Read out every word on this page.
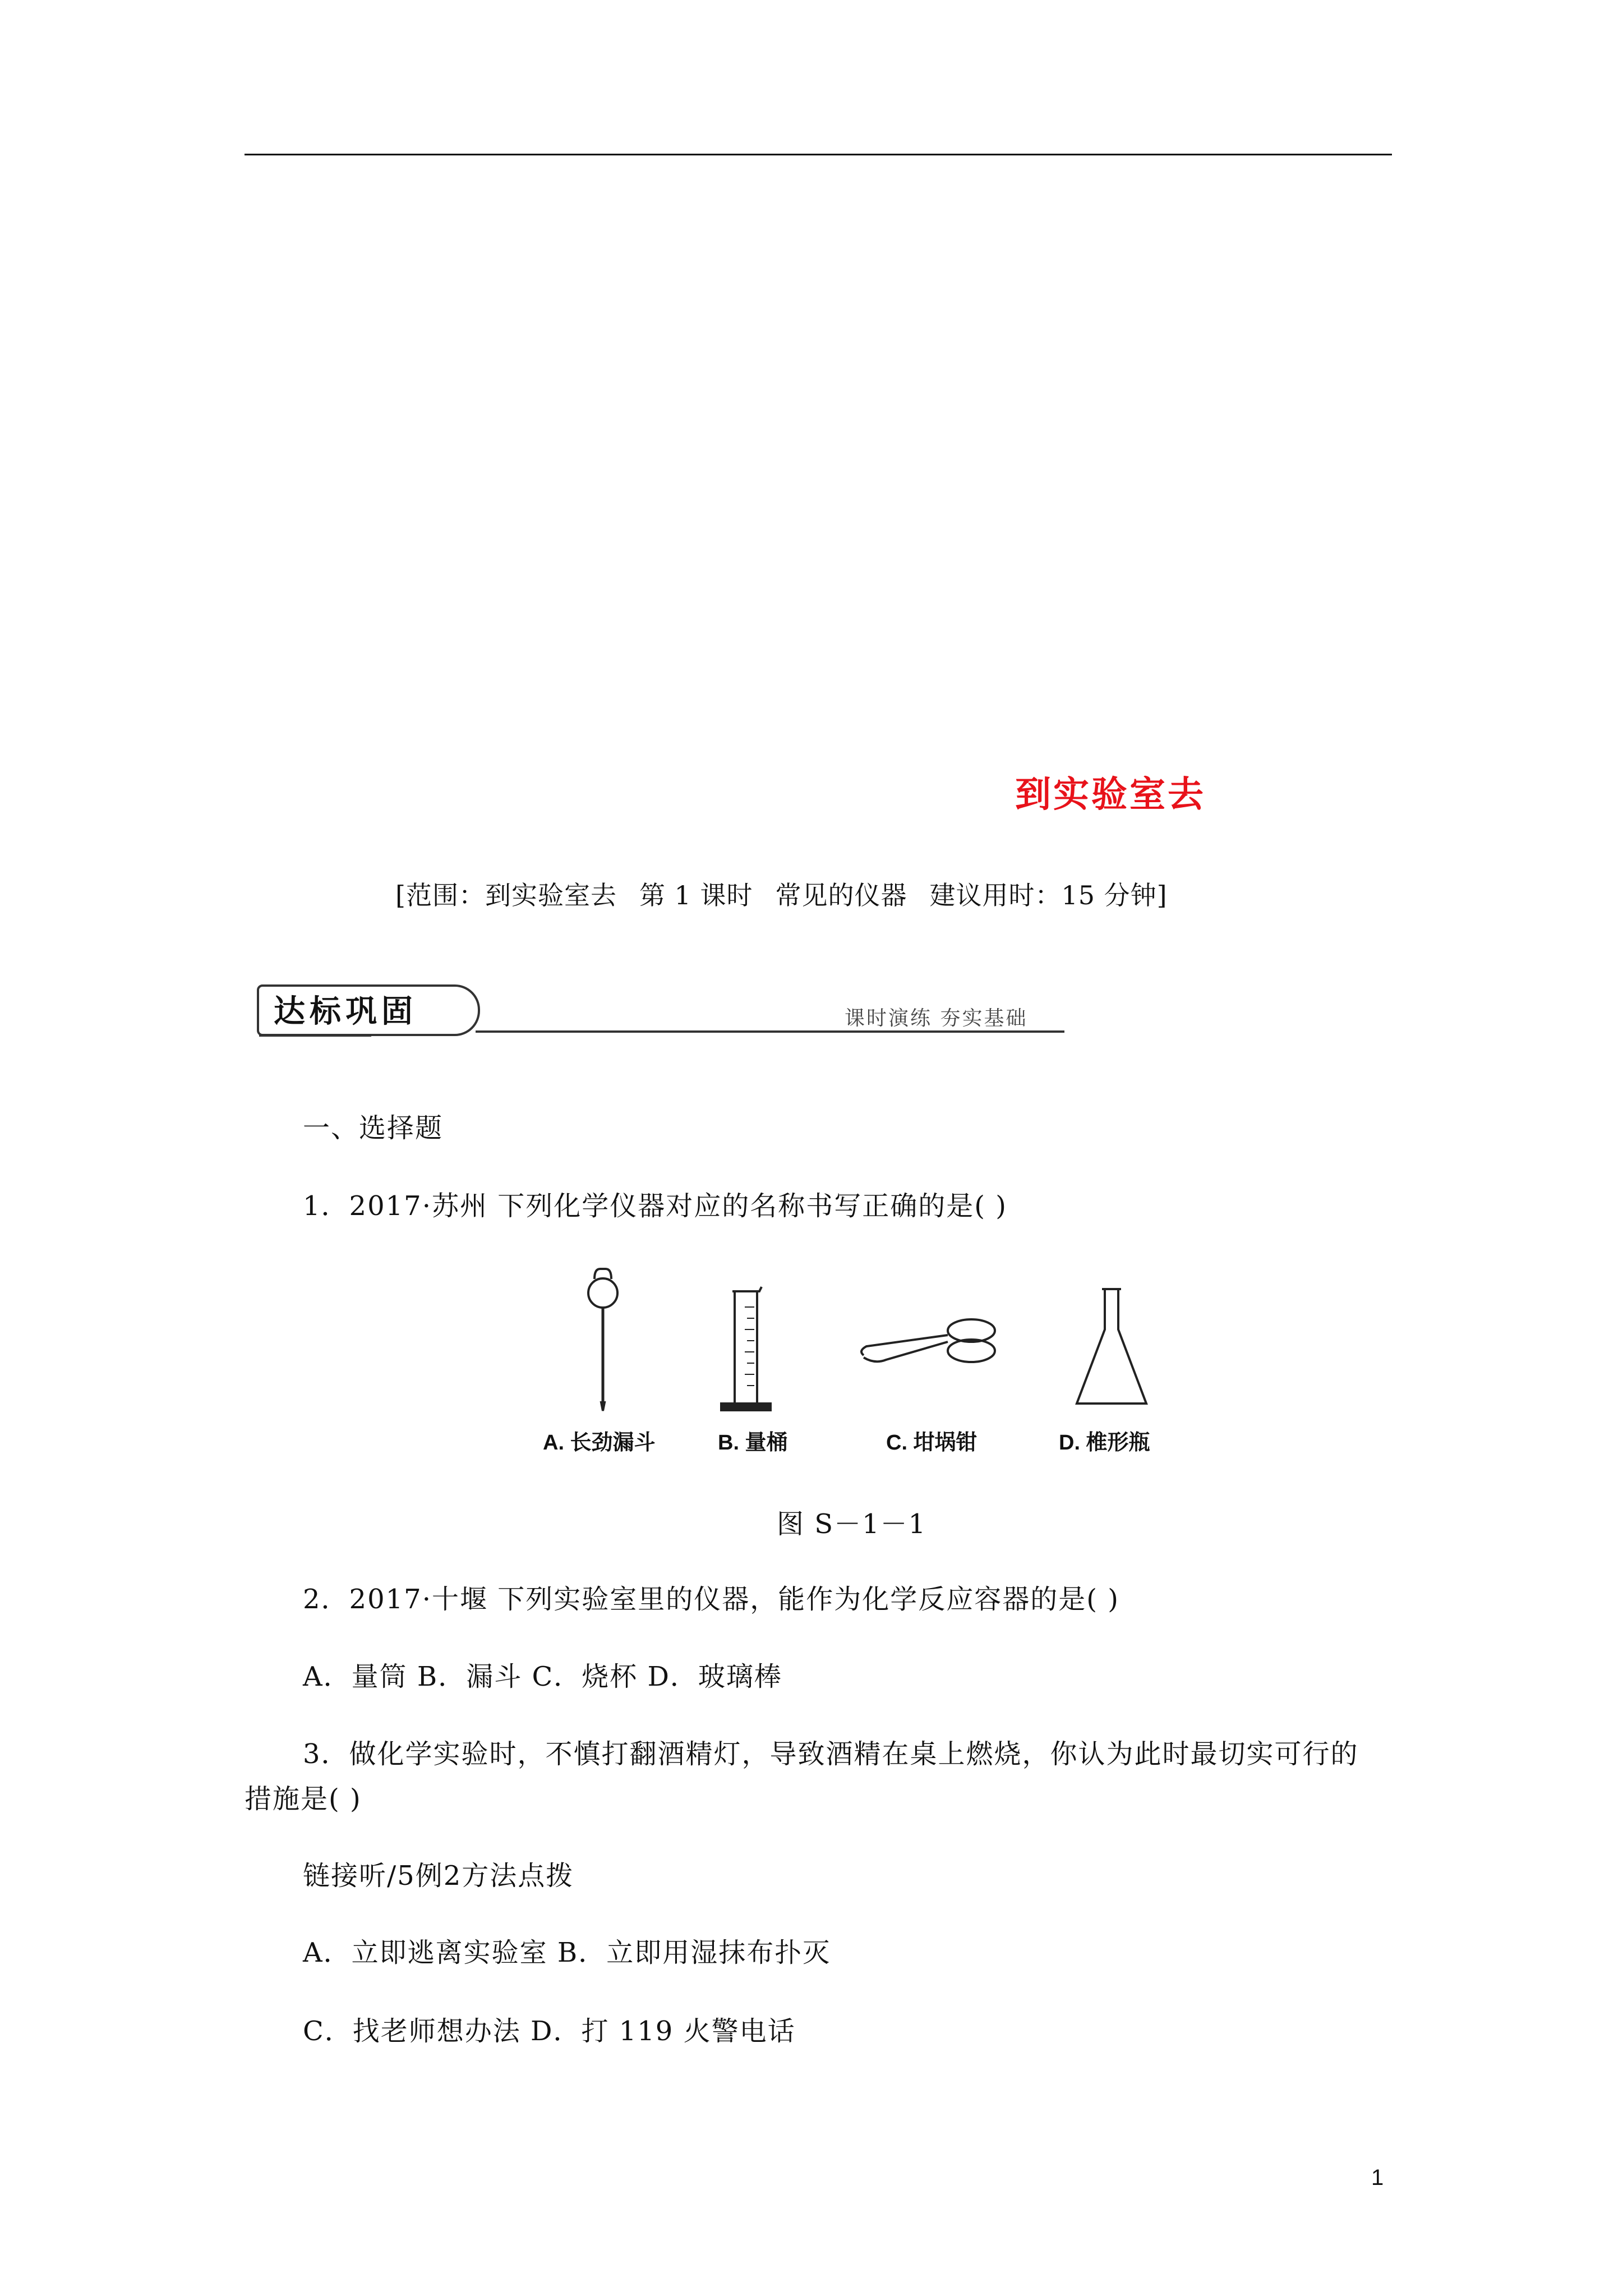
到实验室去
[范围：到实验室去 第 1 课时 常见的仪器 建议用时：15 分钟]
达标巩固	课时演练 夯实基础
一、选择题
1．2017·苏州 下列化学仪器对应的名称书写正确的是( )
A. 长劲漏斗	B. 量桶	C. 坩埚钳	D. 椎形瓶
图 S－1－1
2．2017·十堰 下列实验室里的仪器，能作为化学反应容器的是( )
A．量筒 B．漏斗 C．烧杯 D．玻璃棒
3．做化学实验时，不慎打翻酒精灯，导致酒精在桌上燃烧，你认为此时最切实可行的
措施是( )
链接听/5例2方法点拨
A．立即逃离实验室 B．立即用湿抹布扑灭
C．找老师想办法 D．打 119 火警电话
1
